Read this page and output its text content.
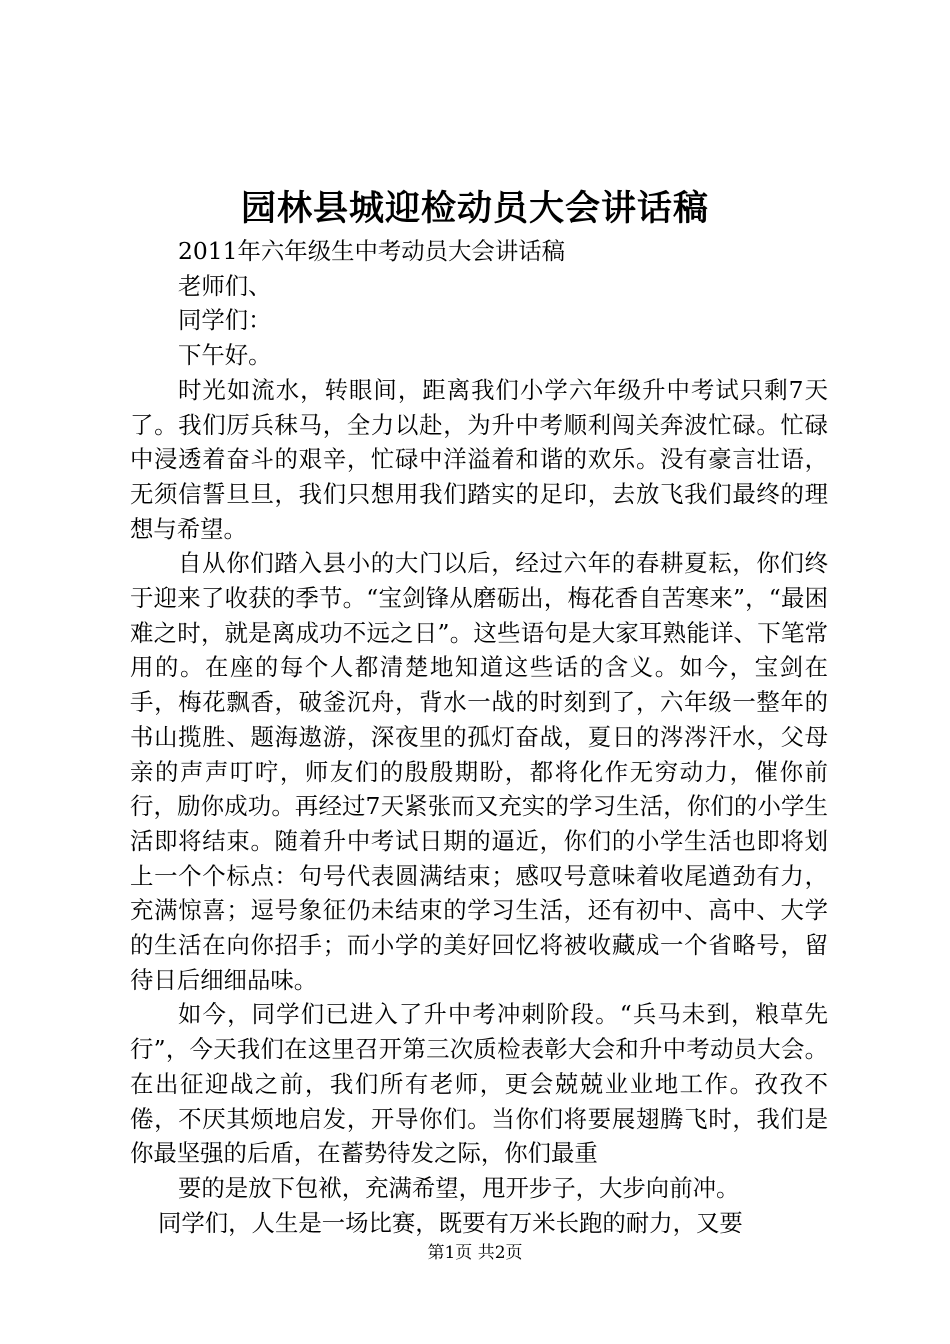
园林县城迎检动员大会讲话稿

2011年六年级生中考动员大会讲话稿

老师们、

同学们：

下午好。

时光如流水，转眼间，距离我们小学六年级升中考试只剩7天了。我们厉兵秣马，全力以赴，为升中考顺利闯关奔波忙碌。忙碌中浸透着奋斗的艰辛，忙碌中洋溢着和谐的欢乐。没有豪言壮语，无须信誓旦旦，我们只想用我们踏实的足印，去放飞我们最终的理想与希望。

自从你们踏入县小的大门以后，经过六年的春耕夏耘，你们终于迎来了收获的季节。“宝剑锋从磨砺出，梅花香自苦寒来”，“最困难之时，就是离成功不远之日”。这些语句是大家耳熟能详、下笔常用的。在座的每个人都清楚地知道这些话的含义。如今，宝剑在手，梅花飘香，破釜沉舟，背水一战的时刻到了，六年级一整年的书山揽胜、题海遨游，深夜里的孤灯奋战，夏日的涔涔汗水，父母亲的声声叮咛，师友们的殷殷期盼，都将化作无穷动力，催你前行，励你成功。再经过7天紧张而又充实的学习生活，你们的小学生活即将结束。随着升中考试日期的逼近，你们的小学生活也即将划上一个个标点：句号代表圆满结束；感叹号意味着收尾遒劲有力，充满惊喜；逗号象征仍未结束的学习生活，还有初中、高中、大学的生活在向你招手；而小学的美好回忆将被收藏成一个省略号，留待日后细细品味。

如今，同学们已进入了升中考冲刺阶段。“兵马未到，粮草先行”，今天我们在这里召开第三次质检表彰大会和升中考动员大会。在出征迎战之前，我们所有老师，更会兢兢业业地工作。孜孜不倦，不厌其烦地启发，开导你们。当你们将要展翅腾飞时，我们是你最坚强的后盾，在蓄势待发之际，你们最重

要的是放下包袱，充满希望，甩开步子，大步向前冲。

同学们，人生是一场比赛，既要有万米长跑的耐力，又要

第1页 共2页
